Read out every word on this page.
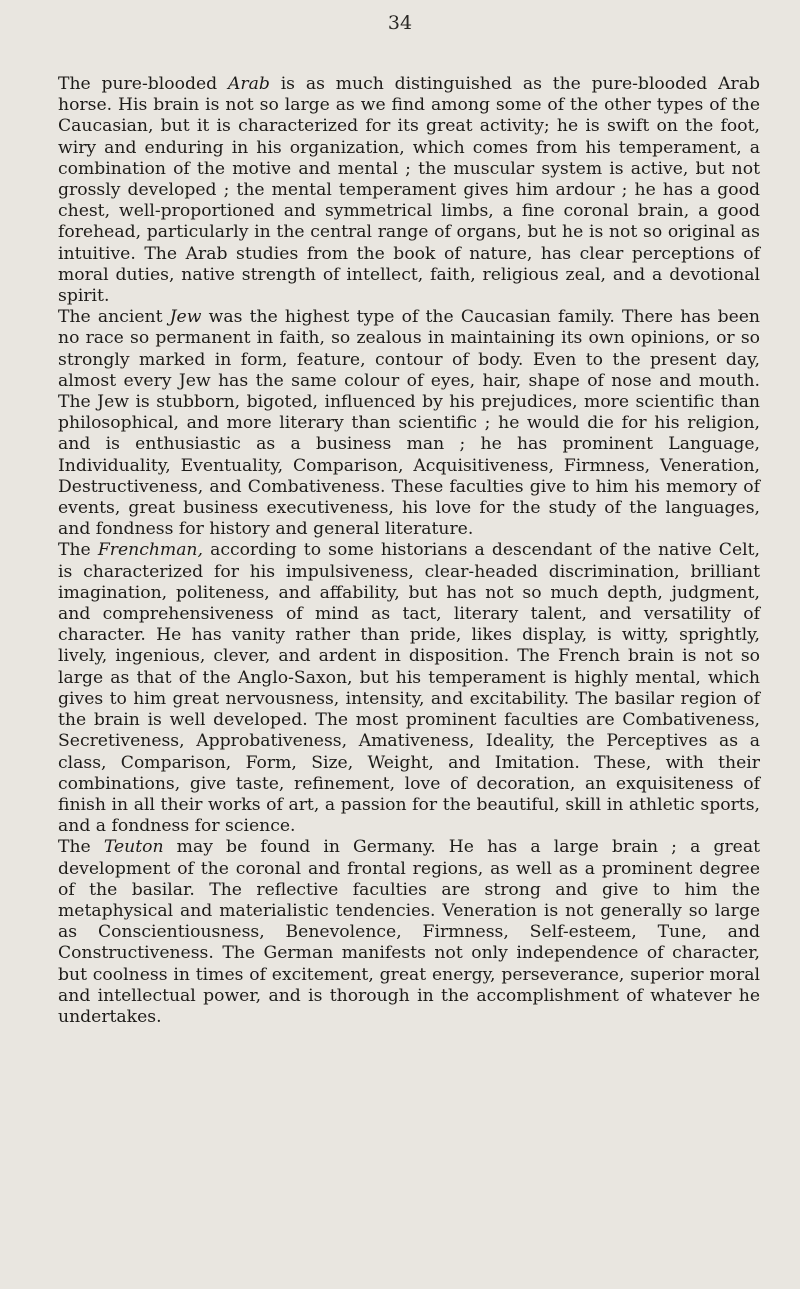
34

The pure-blooded Arab is as much distinguished as the pure-blooded Arab horse. His brain is not so large as we find among some of the other types of the Caucasian, but it is characterized for its great activity; he is swift on the foot, wiry and enduring in his organization, which comes from his temperament, a combination of the motive and mental ; the muscular system is active, but not grossly developed ; the mental temperament gives him ardour ; he has a good chest, well-proportioned and symmetrical limbs, a fine coronal brain, a good forehead, particularly in the central range of organs, but he is not so original as intuitive. The Arab studies from the book of nature, has clear perceptions of moral duties, native strength of intellect, faith, religious zeal, and a devotional spirit.

The ancient Jew was the highest type of the Caucasian family. There has been no race so permanent in faith, so zealous in maintaining its own opinions, or so strongly marked in form, feature, contour of body. Even to the present day, almost every Jew has the same colour of eyes, hair, shape of nose and mouth. The Jew is stubborn, bigoted, influenced by his prejudices, more scientific than philosophical, and more literary than scientific ; he would die for his religion, and is enthusiastic as a business man ; he has prominent Language, Individuality, Eventuality, Comparison, Acquisitiveness, Firmness, Veneration, Destructiveness, and Combativeness. These faculties give to him his memory of events, great business executiveness, his love for the study of the languages, and fondness for history and general literature.

The Frenchman, according to some historians a descendant of the native Celt, is characterized for his impulsiveness, clear-headed discrimination, brilliant imagination, politeness, and affability, but has not so much depth, judgment, and comprehensiveness of mind as tact, literary talent, and versatility of character. He has vanity rather than pride, likes display, is witty, sprightly, lively, ingenious, clever, and ardent in disposition. The French brain is not so large as that of the Anglo-Saxon, but his temperament is highly mental, which gives to him great nervousness, intensity, and excitability. The basilar region of the brain is well developed. The most prominent faculties are Combativeness, Secretiveness, Approbativeness, Amativeness, Ideality, the Perceptives as a class, Comparison, Form, Size, Weight, and Imitation. These, with their combinations, give taste, refinement, love of decoration, an exquisiteness of finish in all their works of art, a passion for the beautiful, skill in athletic sports, and a fondness for science.

The Teuton may be found in Germany. He has a large brain ; a great development of the coronal and frontal regions, as well as a prominent degree of the basilar. The reflective faculties are strong and give to him the metaphysical and materialistic tendencies. Veneration is not generally so large as Conscientiousness, Benevolence, Firmness, Self-esteem, Tune, and Constructiveness. The German manifests not only independence of character, but coolness in times of excitement, great energy, perseverance, superior moral and intellectual power, and is thorough in the accomplishment of whatever he undertakes.
